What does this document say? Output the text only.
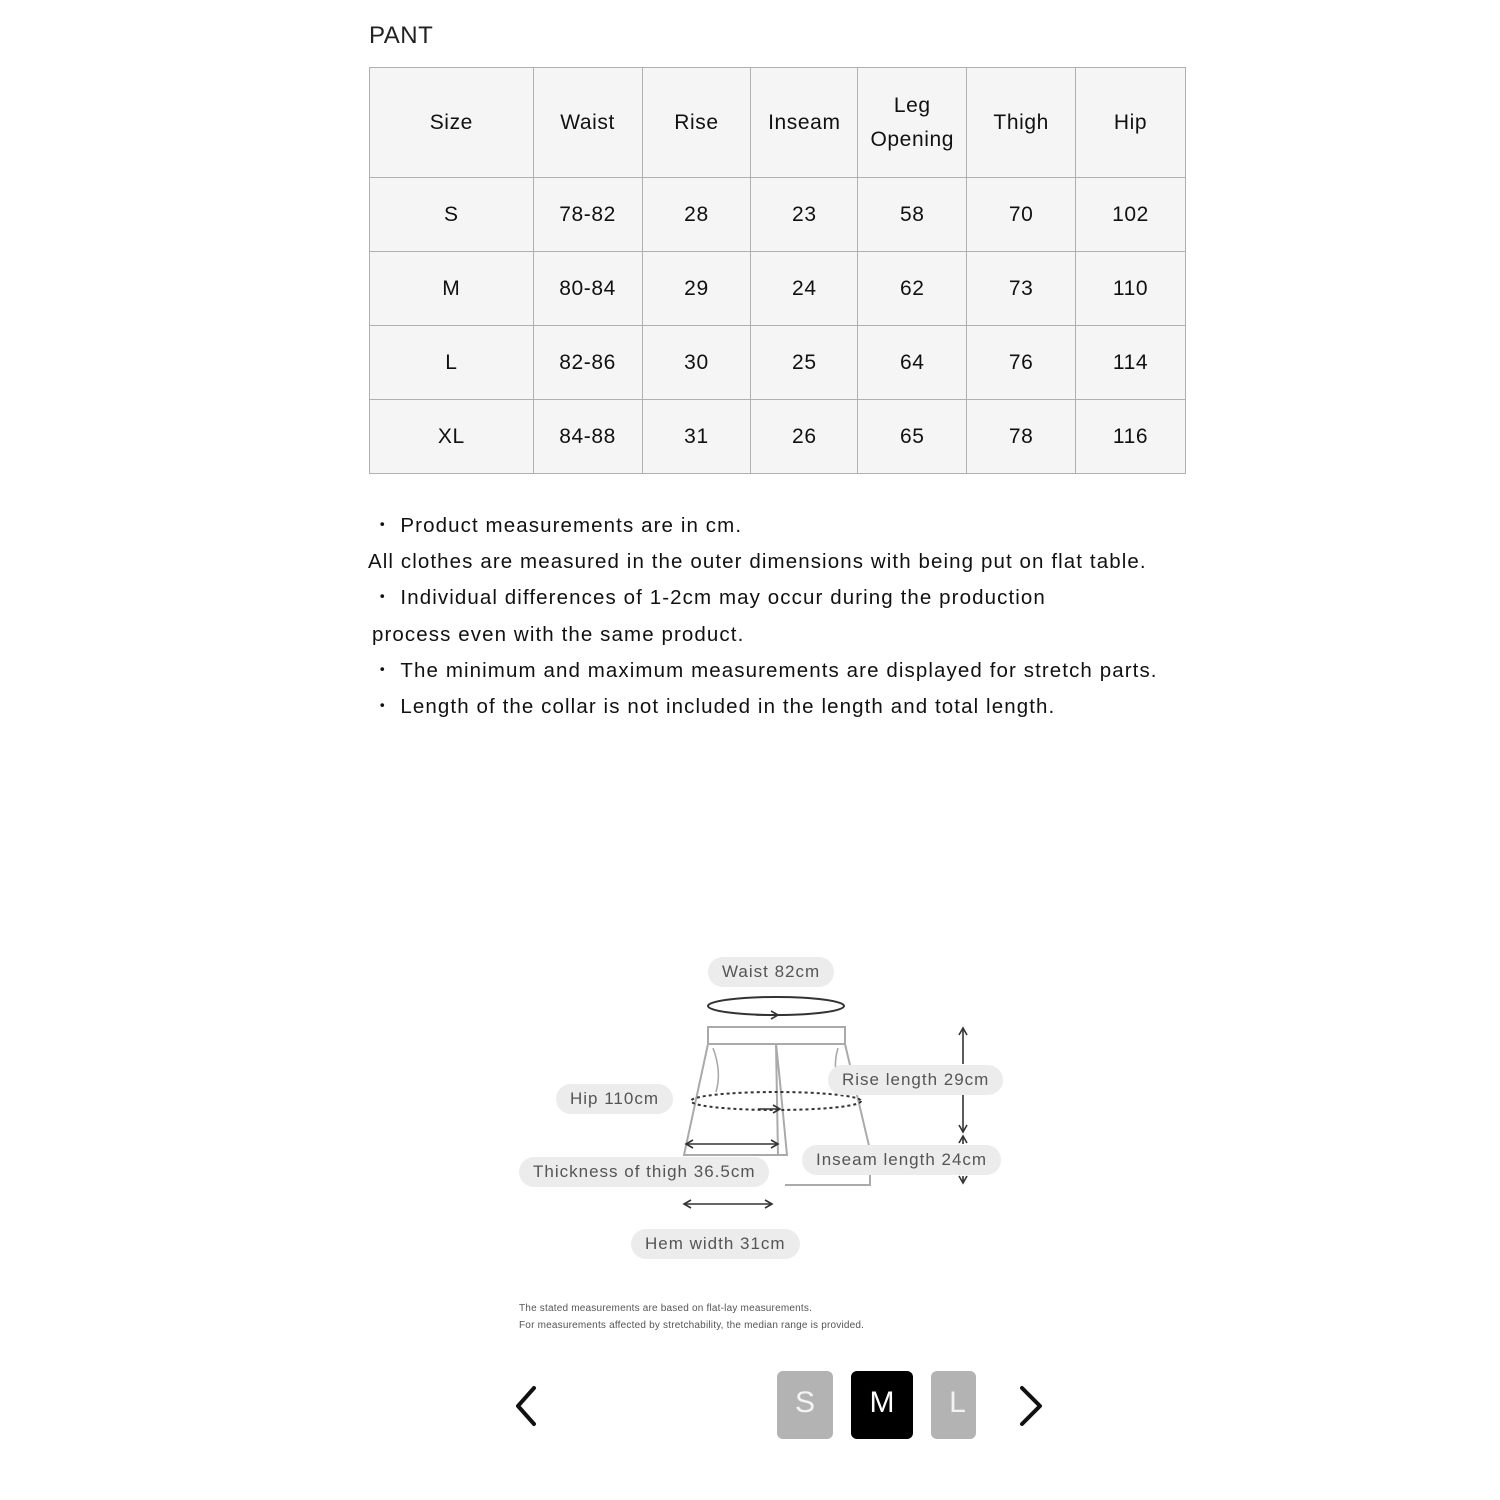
PANT
Size	Waist	Rise	Inseam	Leg Opening	Thigh	Hip
S	78-82	28	23	58	70	102
M	80-84	29	24	62	73	110
L	82-86	30	25	64	76	114
XL	84-88	31	26	65	78	116

・ Product measurements are in cm.

All clothes are measured in the outer dimensions with being put on flat table.

・ Individual differences of 1-2cm may occur during the production process even with the same product.

・ The minimum and maximum measurements are displayed for stretch parts.

・ Length of the collar is not included in the length and total length.

Waist 82cm
Rise length 29cm
Hip 110cm
Inseam length 24cm
Thickness of thigh 36.5cm
Hem width 31cm
The stated measurements are based on flat-lay measurements.
For measurements affected by stretchability, the median range is provided.
S	M	L
